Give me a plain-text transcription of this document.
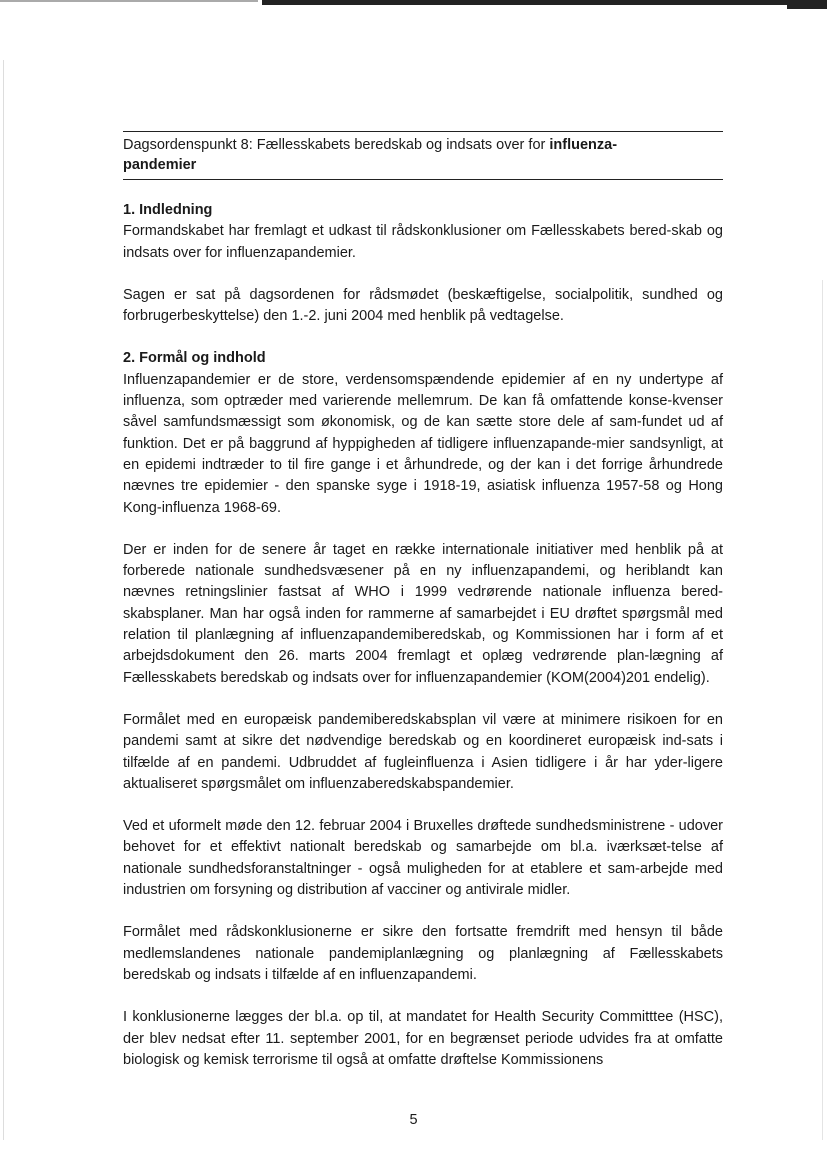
Dagsordenspunkt 8: Fællesskabets beredskab og indsats over for influenza-
pandemier
1. Indledning

Formandskabet har fremlagt et udkast til rådskonklusioner om Fællesskabets bered-skab og indsats over for influenzapandemier.

Sagen er sat på dagsordenen for rådsmødet (beskæftigelse, socialpolitik, sundhed og forbrugerbeskyttelse) den 1.-2. juni 2004 med henblik på vedtagelse.

2. Formål og indhold

Influenzapandemier er de store, verdensomspændende epidemier af en ny undertype af influenza, som optræder med varierende mellemrum. De kan få omfattende konse-kvenser såvel samfundsmæssigt som økonomisk, og de kan sætte store dele af sam-fundet ud af funktion. Det er på baggrund af hyppigheden af tidligere influenzapande-mier sandsynligt, at en epidemi indtræder to til fire gange i et århundrede, og der kan i det forrige århundrede nævnes tre epidemier - den spanske syge i 1918-19, asiatisk influenza 1957-58 og Hong Kong-influenza 1968-69.

Der er inden for de senere år taget en række internationale initiativer med henblik på at forberede nationale sundhedsvæsener på en ny influenzapandemi, og heriblandt kan nævnes retningslinier fastsat af WHO i 1999 vedrørende nationale influenza bered-skabsplaner. Man har også inden for rammerne af samarbejdet i EU drøftet spørgsmål med relation til planlægning af influenzapandemiberedskab, og Kommissionen har i form af et arbejdsdokument den 26. marts 2004 fremlagt et oplæg vedrørende plan-lægning af Fællesskabets beredskab og indsats over for influenzapandemier (KOM(2004)201 endelig).

Formålet med en europæisk pandemiberedskabsplan vil være at minimere risikoen for en pandemi samt at sikre det nødvendige beredskab og en koordineret europæisk ind-sats i tilfælde af en pandemi. Udbruddet af fugleinfluenza i Asien tidligere i år har yder-ligere aktualiseret spørgsmålet om influenzaberedskabspandemier.

Ved et uformelt møde den 12. februar 2004 i Bruxelles drøftede sundhedsministrene - udover behovet for et effektivt nationalt beredskab og samarbejde om bl.a. iværksæt-telse af nationale sundhedsforanstaltninger - også muligheden for at etablere et sam-arbejde med industrien om forsyning og distribution af vacciner og antivirale midler.

Formålet med rådskonklusionerne er sikre den fortsatte fremdrift med hensyn til både medlemslandenes nationale pandemiplanlægning og planlægning af Fællesskabets beredskab og indsats i tilfælde af en influenzapandemi.

I konklusionerne lægges der bl.a. op til, at mandatet for Health Security Committtee (HSC), der blev nedsat efter 11. september 2001, for en begrænset periode udvides fra at omfatte biologisk og kemisk terrorisme til også at omfatte drøftelse Kommissionens

5
